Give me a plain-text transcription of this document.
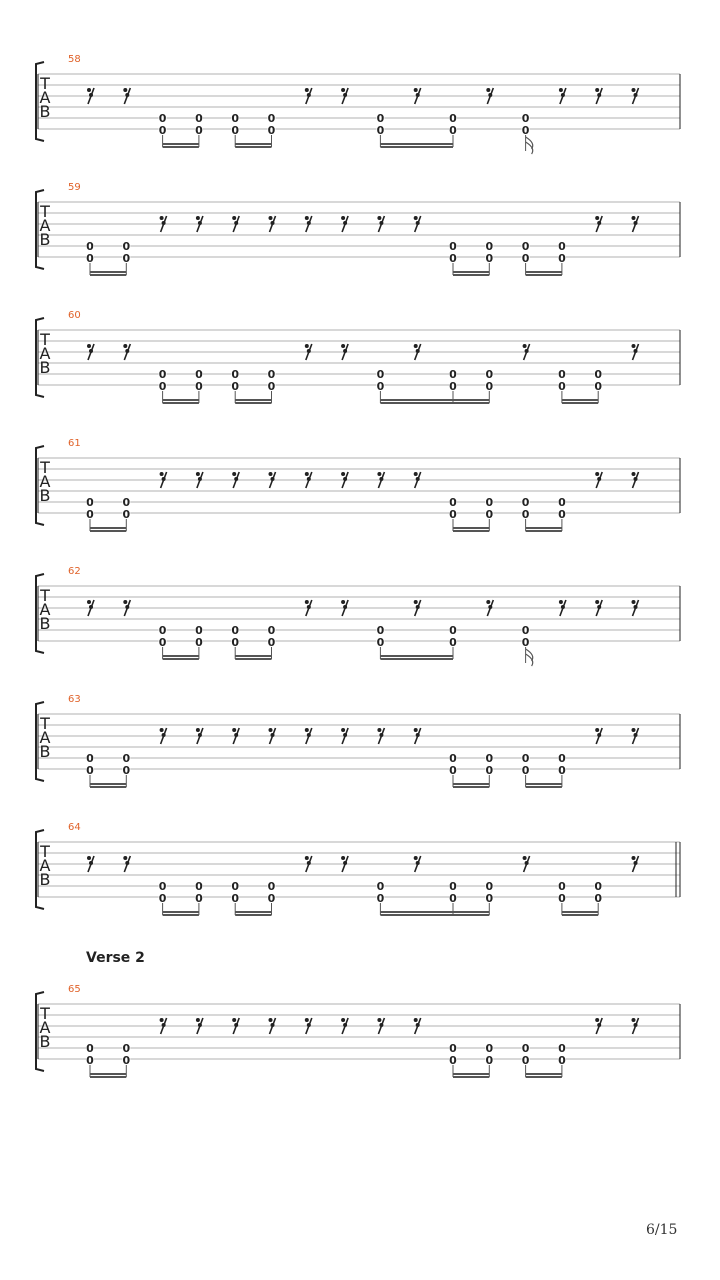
58
T
A
B	0
0
0
0
0
0
0
0
0
0
0
0
0
0
59
T
A
B	0
0
0
0
0
0
0
0
0
0
0
0
60
T
A
B	0
0
0
0
0
0
0
0
0
0
0
0
0
0
0
0
0
0
61
T
A
B	0
0
0
0
0
0
0
0
0
0
0
0
62
T
A
B	0
0
0
0
0
0
0
0
0
0
0
0
0
0
63
T
A
B	0
0
0
0
0
0
0
0
0
0
0
0
64
T
A
B	0
0
0
0
0
0
0
0
0
0
0
0
0
0
0
0
0
0
65
T
A
B	0
0
0
0
0
0
0
0
0
0
0
0
Verse 2
6/15
